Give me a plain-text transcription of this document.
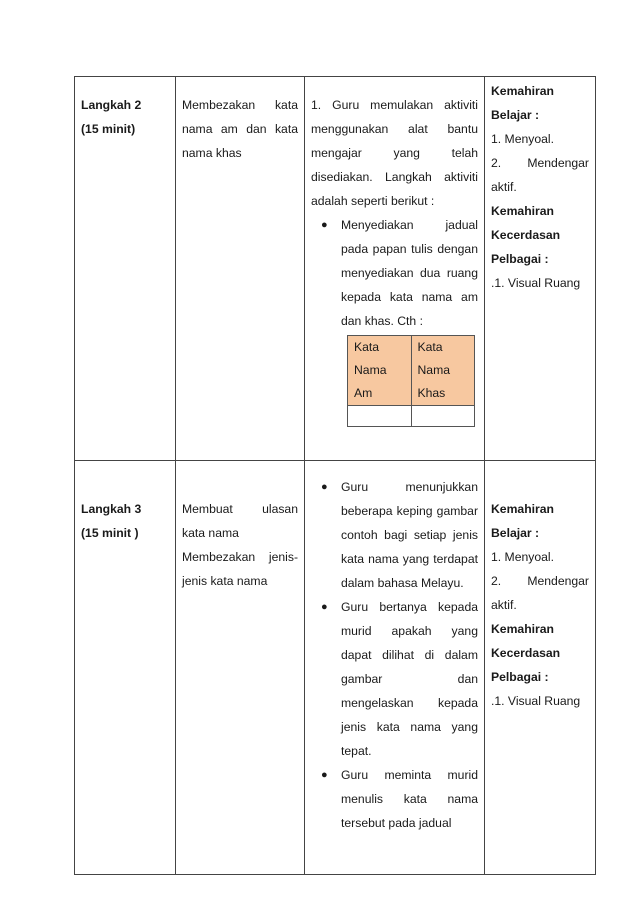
Langkah 2
(15 minit)

Membezakan kata nama am dan kata nama khas

1. Guru memulakan aktiviti menggunakan alat bantu mengajar yang telah disediakan. Langkah aktiviti adalah seperti berikut :
● Menyediakan jadual pada papan tulis dengan menyediakan dua ruang kepada kata nama am dan khas. Cth :
Kata Nama Am	Kata Nama Khas

Kemahiran Belajar :
1. Menyoal.
2. Mendengar aktif.
Kemahiran Kecerdasan Pelbagai :
.1. Visual Ruang

Langkah 3
(15 minit )

Membuat ulasan kata nama
Membezakan jenis-jenis kata nama

● Guru menunjukkan beberapa keping gambar contoh bagi setiap jenis kata nama yang terdapat dalam bahasa Melayu.
● Guru bertanya kepada murid apakah yang dapat dilihat di dalam gambar dan mengelaskan kepada jenis kata nama yang tepat.
● Guru meminta murid menulis kata nama tersebut pada jadual

Kemahiran Belajar :
1. Menyoal.
2. Mendengar aktif.
Kemahiran Kecerdasan Pelbagai :
.1. Visual Ruang
